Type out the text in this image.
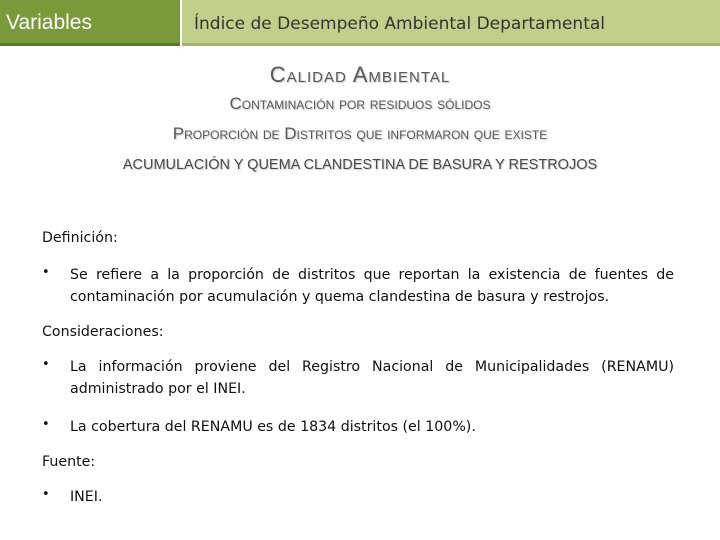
Variables	Índice de Desempeño Ambiental Departamental
Calidad Ambiental
Contaminación por residuos sólidos
Proporción de Distritos que informaron que existe
ACUMULACIÓN Y QUEMA CLANDESTINA DE BASURA Y RESTROJOS

Definición:

•	Se refiere a la proporción de distritos que reportan la existencia de fuentes de contaminación por acumulación y quema clandestina de basura y restrojos.

Consideraciones:

•	La información proviene del Registro Nacional de Municipalidades (RENAMU) administrado por el INEI.
•	La cobertura del RENAMU es de 1834 distritos (el 100%).

Fuente:

•	INEI.
